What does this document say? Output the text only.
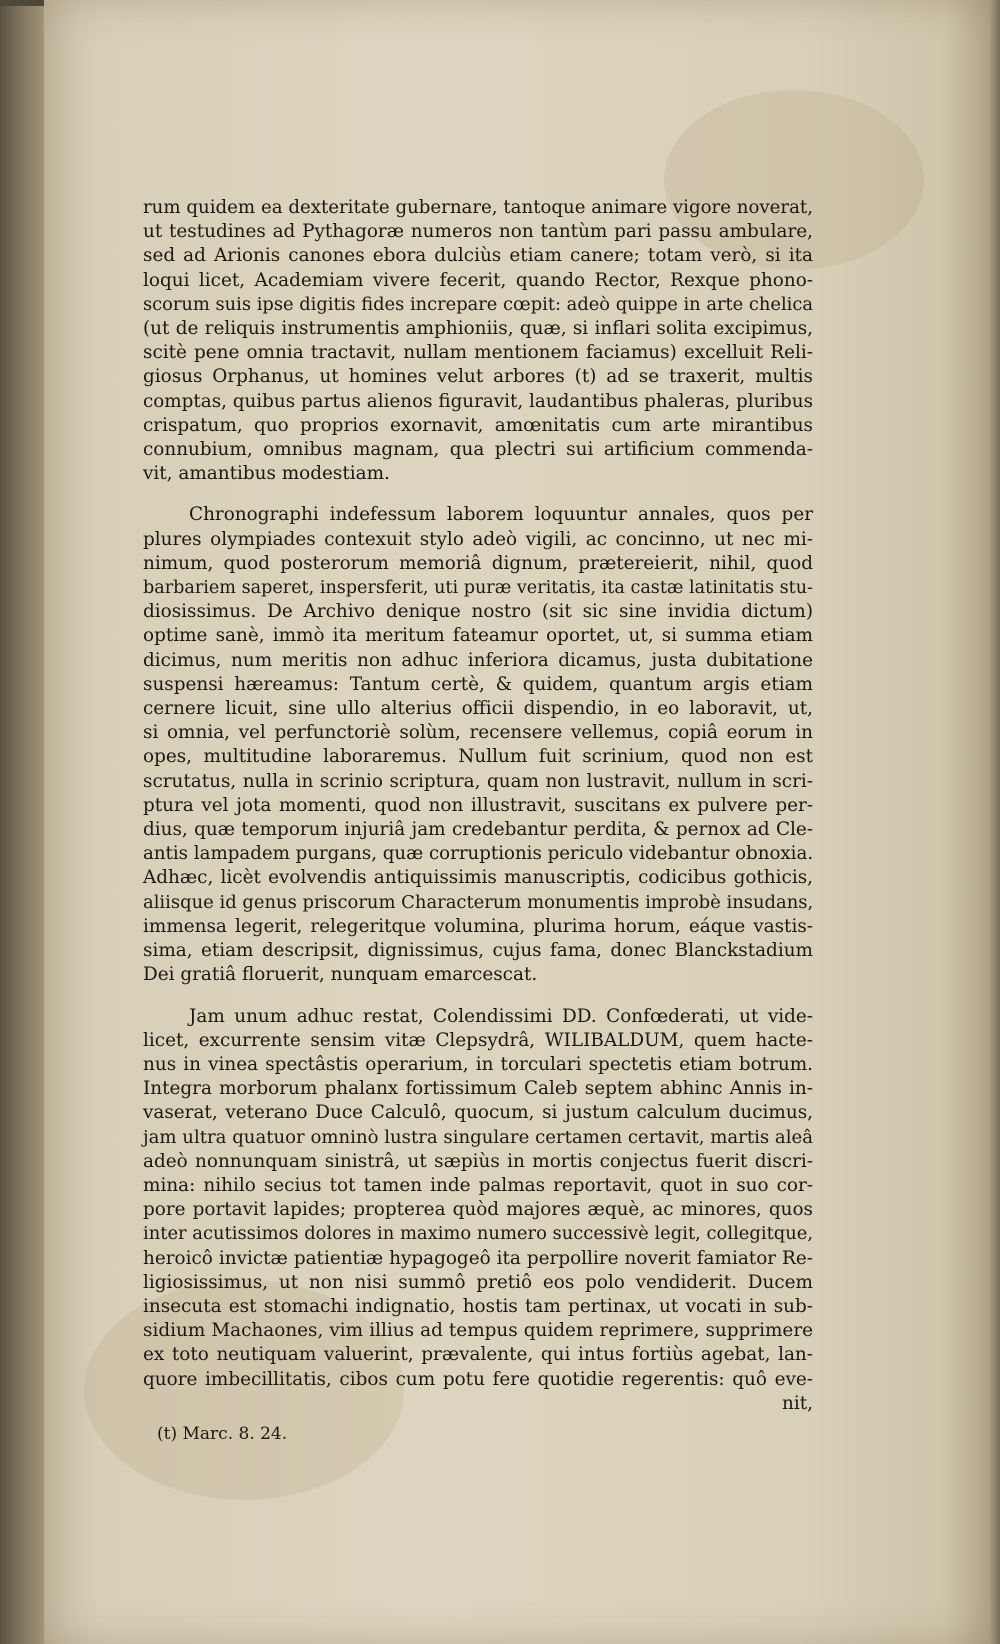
rum quidem ea dexteritate gubernare, tantoque animare vigore noverat,
ut testudines ad Pythagoræ numeros non tantùm pari passu ambulare,
sed ad Arionis canones ebora dulciùs etiam canere; totam verò, si ita
loqui licet, Academiam vivere fecerit, quando Rector, Rexque phono-
scorum suis ipse digitis fides increpare cœpit: adeò quippe in arte chelica
(ut de reliquis instrumentis amphioniis, quæ, si inflari solita excipimus,
scitè pene omnia tractavit, nullam mentionem faciamus) excelluit Reli-
giosus Orphanus, ut homines velut arbores (t) ad se traxerit, multis
comptas, quibus partus alienos figuravit, laudantibus phaleras, pluribus
crispatum, quo proprios exornavit, amœnitatis cum arte mirantibus
connubium, omnibus magnam, qua plectri sui artificium commenda-
vit, amantibus modestiam.
Chronographi indefessum laborem loquuntur annales, quos per
plures olympiades contexuit stylo adeò vigili, ac concinno, ut nec mi-
nimum, quod posterorum memoriâ dignum, prætereierit, nihil, quod
barbariem saperet, inspersferit, uti puræ veritatis, ita castæ latinitatis stu-
diosissimus. De Archivo denique nostro (sit sic sine invidia dictum)
optime sanè, immò ita meritum fateamur oportet, ut, si summa etiam
dicimus, num meritis non adhuc inferiora dicamus, justa dubitatione
suspensi hæreamus: Tantum certè, & quidem, quantum argis etiam
cernere licuit, sine ullo alterius officii dispendio, in eo laboravit, ut,
si omnia, vel perfunctoriè solùm, recensere vellemus, copiâ eorum in
opes, multitudine laboraremus. Nullum fuit scrinium, quod non est
scrutatus, nulla in scrinio scriptura, quam non lustravit, nullum in scri-
ptura vel jota momenti, quod non illustravit, suscitans ex pulvere per-
dius, quæ temporum injuriâ jam credebantur perdita, & pernox ad Cle-
antis lampadem purgans, quæ corruptionis periculo videbantur obnoxia.
Adhæc, licèt evolvendis antiquissimis manuscriptis, codicibus gothicis,
aliisque id genus priscorum Characterum monumentis improbè insudans,
immensa legerit, relegeritque volumina, plurima horum, eáque vastis-
sima, etiam descripsit, dignissimus, cujus fama, donec Blanckstadium
Dei gratiâ floruerit, nunquam emarcescat.
Jam unum adhuc restat, Colendissimi DD. Confœderati, ut vide-
licet, excurrente sensim vitæ Clepsydrâ, WILIBALDUM, quem hacte-
nus in vinea spectâstis operarium, in torculari spectetis etiam botrum.
Integra morborum phalanx fortissimum Caleb septem abhinc Annis in-
vaserat, veterano Duce Calculô, quocum, si justum calculum ducimus,
jam ultra quatuor omninò lustra singulare certamen certavit, martis aleâ
adeò nonnunquam sinistrâ, ut sæpiùs in mortis conjectus fuerit discri-
mina: nihilo secius tot tamen inde palmas reportavit, quot in suo cor-
pore portavit lapides; propterea quòd majores æquè, ac minores, quos
inter acutissimos dolores in maximo numero successivè legit, collegitque,
heroicô invictæ patientiæ hypagogeô ita perpollire noverit famiator Re-
ligiosissimus, ut non nisi summô pretiô eos polo vendiderit. Ducem
insecuta est stomachi indignatio, hostis tam pertinax, ut vocati in sub-
sidium Machaones, vim illius ad tempus quidem reprimere, supprimere
ex toto neutiquam valuerint, prævalente, qui intus fortiùs agebat, lan-
quore imbecillitatis, cibos cum potu fere quotidie regerentis: quô eve-
nit,
(t) Marc. 8. 24.
